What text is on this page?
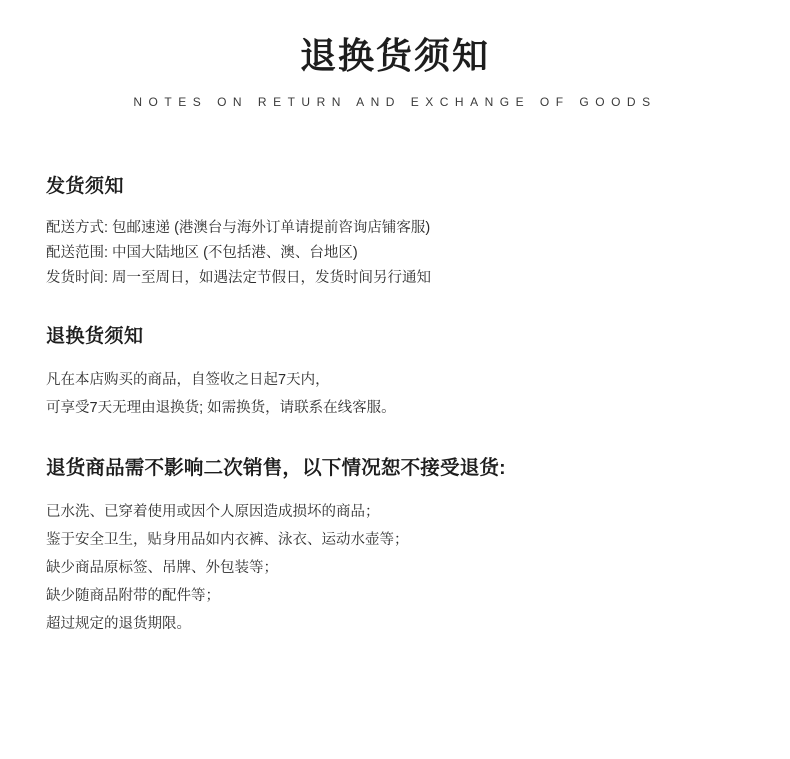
退换货须知

NOTES ON RETURN AND EXCHANGE OF GOODS

发货须知
配送方式: 包邮速递 (港澳台与海外订单请提前咨询店铺客服)
配送范围: 中国大陆地区 (不包括港、澳、台地区)
发货时间: 周一至周日，如遇法定节假日，发货时间另行通知
退换货须知
凡在本店购买的商品，自签收之日起7天内，
可享受7天无理由退换货; 如需换货，请联系在线客服。
退货商品需不影响二次销售，以下情况恕不接受退货:
已水洗、已穿着使用或因个人原因造成损坏的商品；
鉴于安全卫生，贴身用品如内衣裤、泳衣、运动水壶等；
缺少商品原标签、吊牌、外包装等；
缺少随商品附带的配件等；
超过规定的退货期限。
